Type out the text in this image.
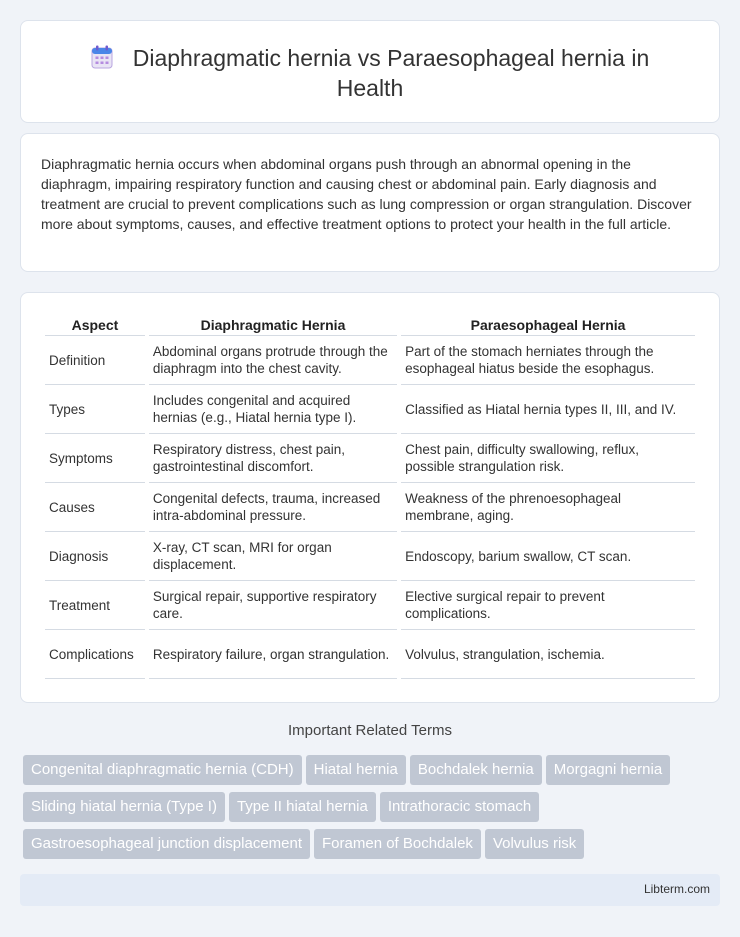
Diaphragmatic hernia vs Paraesophageal hernia in Health

Diaphragmatic hernia occurs when abdominal organs push through an abnormal opening in the diaphragm, impairing respiratory function and causing chest or abdominal pain. Early diagnosis and treatment are crucial to prevent complications such as lung compression or organ strangulation. Discover more about symptoms, causes, and effective treatment options to protect your health in the full article.

Aspect	Diaphragmatic Hernia	Paraesophageal Hernia
Definition	Abdominal organs protrude through the diaphragm into the chest cavity.	Part of the stomach herniates through the esophageal hiatus beside the esophagus.
Types	Includes congenital and acquired hernias (e.g., Hiatal hernia type I).	Classified as Hiatal hernia types II, III, and IV.
Symptoms	Respiratory distress, chest pain, gastrointestinal discomfort.	Chest pain, difficulty swallowing, reflux, possible strangulation risk.
Causes	Congenital defects, trauma, increased intra-abdominal pressure.	Weakness of the phrenoesophageal membrane, aging.
Diagnosis	X-ray, CT scan, MRI for organ displacement.	Endoscopy, barium swallow, CT scan.
Treatment	Surgical repair, supportive respiratory care.	Elective surgical repair to prevent complications.
Complications	Respiratory failure, organ strangulation.	Volvulus, strangulation, ischemia.
Important Related Terms
Congenital diaphragmatic hernia (CDH) Hiatal hernia Bochdalek hernia Morgagni hernia
Sliding hiatal hernia (Type I) Type II hiatal hernia Intrathoracic stomach
Gastroesophageal junction displacement Foramen of Bochdalek Volvulus risk
Libterm.com
